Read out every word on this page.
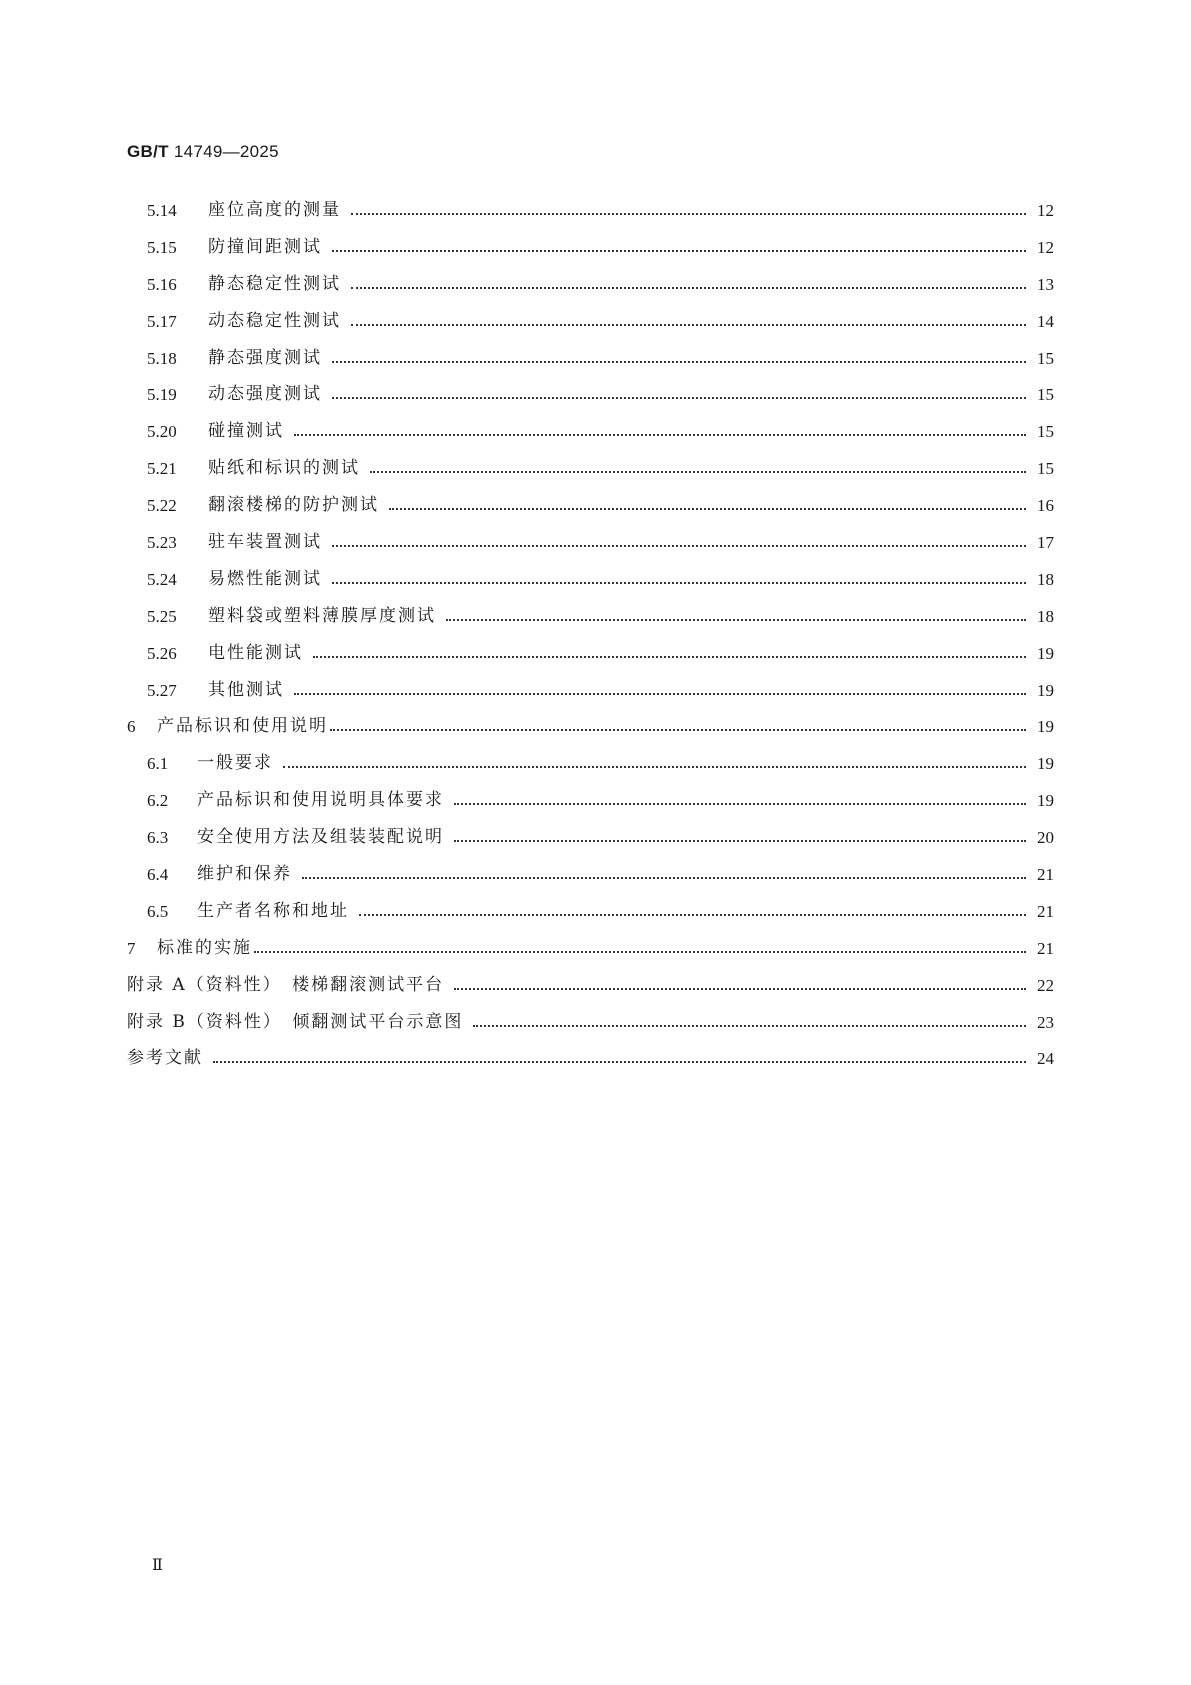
GB/T 14749—2025
5.14	座位高度的测量	12
5.15	防撞间距测试	12
5.16	静态稳定性测试	13
5.17	动态稳定性测试	14
5.18	静态强度测试	15
5.19	动态强度测试	15
5.20	碰撞测试	15
5.21	贴纸和标识的测试	15
5.22	翻滚楼梯的防护测试	16
5.23	驻车装置测试	17
5.24	易燃性能测试	18
5.25	塑料袋或塑料薄膜厚度测试	18
5.26	电性能测试	19
5.27	其他测试	19
6	产品标识和使用说明	19
6.1	一般要求	19
6.2	产品标识和使用说明具体要求	19
6.3	安全使用方法及组装装配说明	20
6.4	维护和保养	21
6.5	生产者名称和地址	21
7	标准的实施	21
附录 A（资料性）　楼梯翻滚测试平台	22
附录 B（资料性）　倾翻测试平台示意图	23
参考文献	24
Ⅱ
